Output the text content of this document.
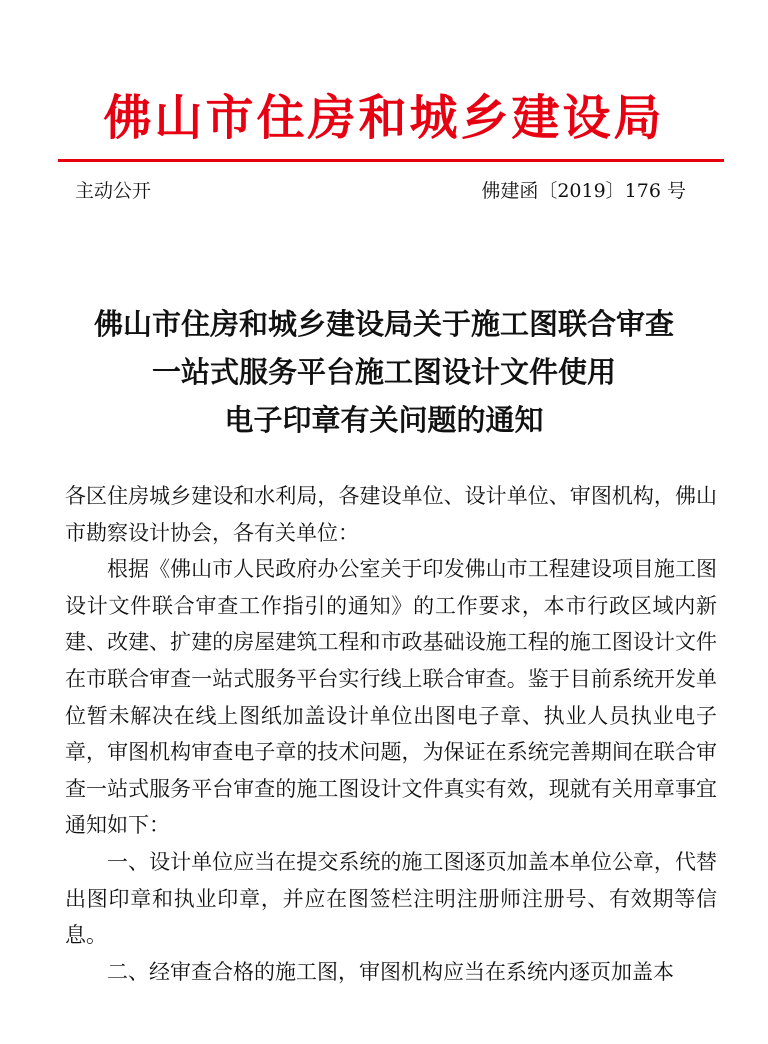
佛山市住房和城乡建设局
主动公开	佛建函〔2019〕176 号
佛山市住房和城乡建设局关于施工图联合审查
一站式服务平台施工图设计文件使用
电子印章有关问题的通知

各区住房城乡建设和水利局，各建设单位、设计单位、审图机构，佛山市勘察设计协会，各有关单位：

根据《佛山市人民政府办公室关于印发佛山市工程建设项目施工图设计文件联合审查工作指引的通知》的工作要求，本市行政区域内新建、改建、扩建的房屋建筑工程和市政基础设施工程的施工图设计文件在市联合审查一站式服务平台实行线上联合审查。鉴于目前系统开发单位暂未解决在线上图纸加盖设计单位出图电子章、执业人员执业电子章，审图机构审查电子章的技术问题，为保证在系统完善期间在联合审查一站式服务平台审查的施工图设计文件真实有效，现就有关用章事宜通知如下：

一、设计单位应当在提交系统的施工图逐页加盖本单位公章，代替出图印章和执业印章，并应在图签栏注明注册师注册号、有效期等信息。

二、经审查合格的施工图，审图机构应当在系统内逐页加盖本
